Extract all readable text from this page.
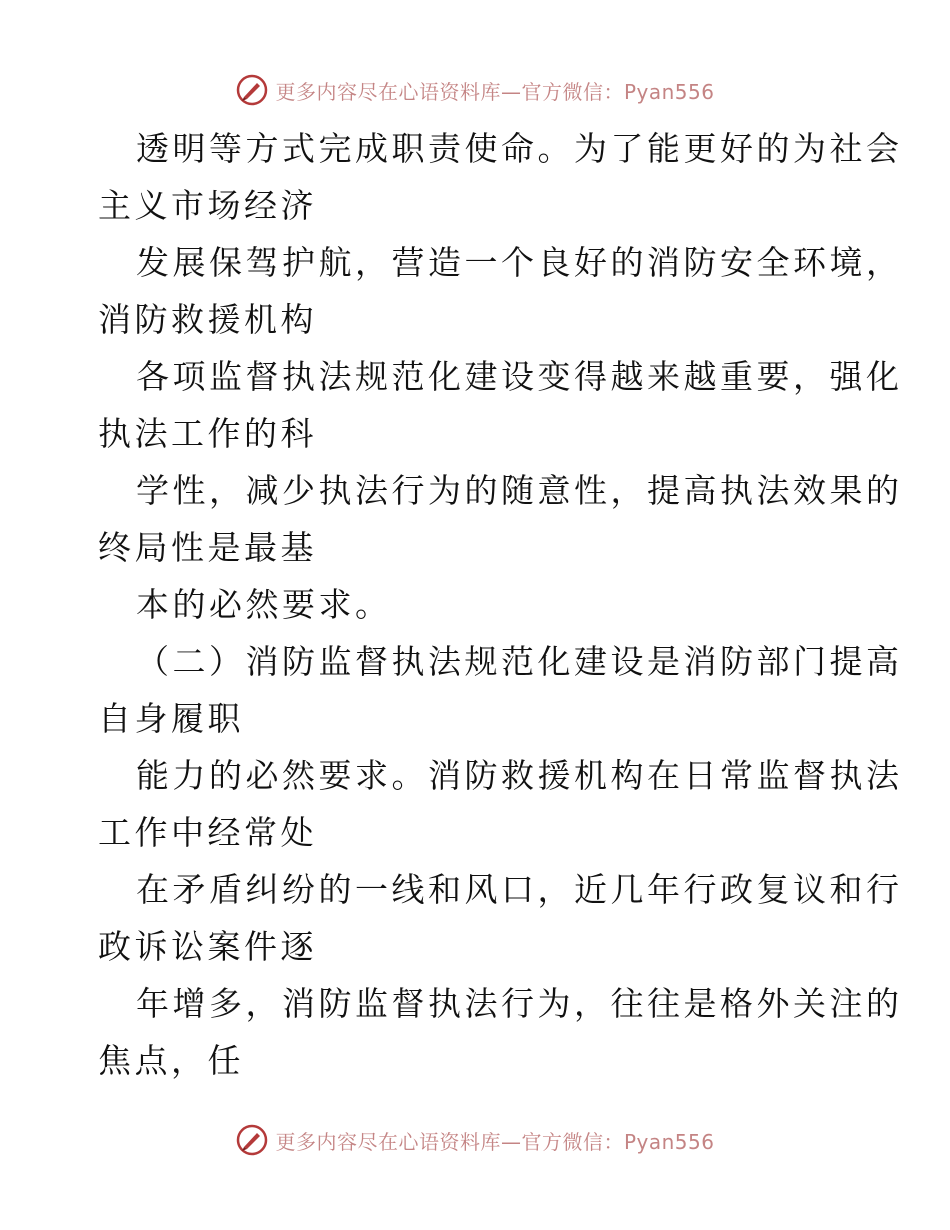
更多内容尽在心语资料库—官方微信：Pyan556
透明等方式完成职责使命。为了能更好的为社会
主义市场经济
发展保驾护航，营造一个良好的消防安全环境，
消防救援机构
各项监督执法规范化建设变得越来越重要，强化
执法工作的科
学性，减少执法行为的随意性，提高执法效果的
终局性是最基
本的必然要求。
（二）消防监督执法规范化建设是消防部门提高
自身履职
能力的必然要求。消防救援机构在日常监督执法
工作中经常处
在矛盾纠纷的一线和风口，近几年行政复议和行
政诉讼案件逐
年增多，消防监督执法行为，往往是格外关注的
焦点，任
更多内容尽在心语资料库—官方微信：Pyan556
